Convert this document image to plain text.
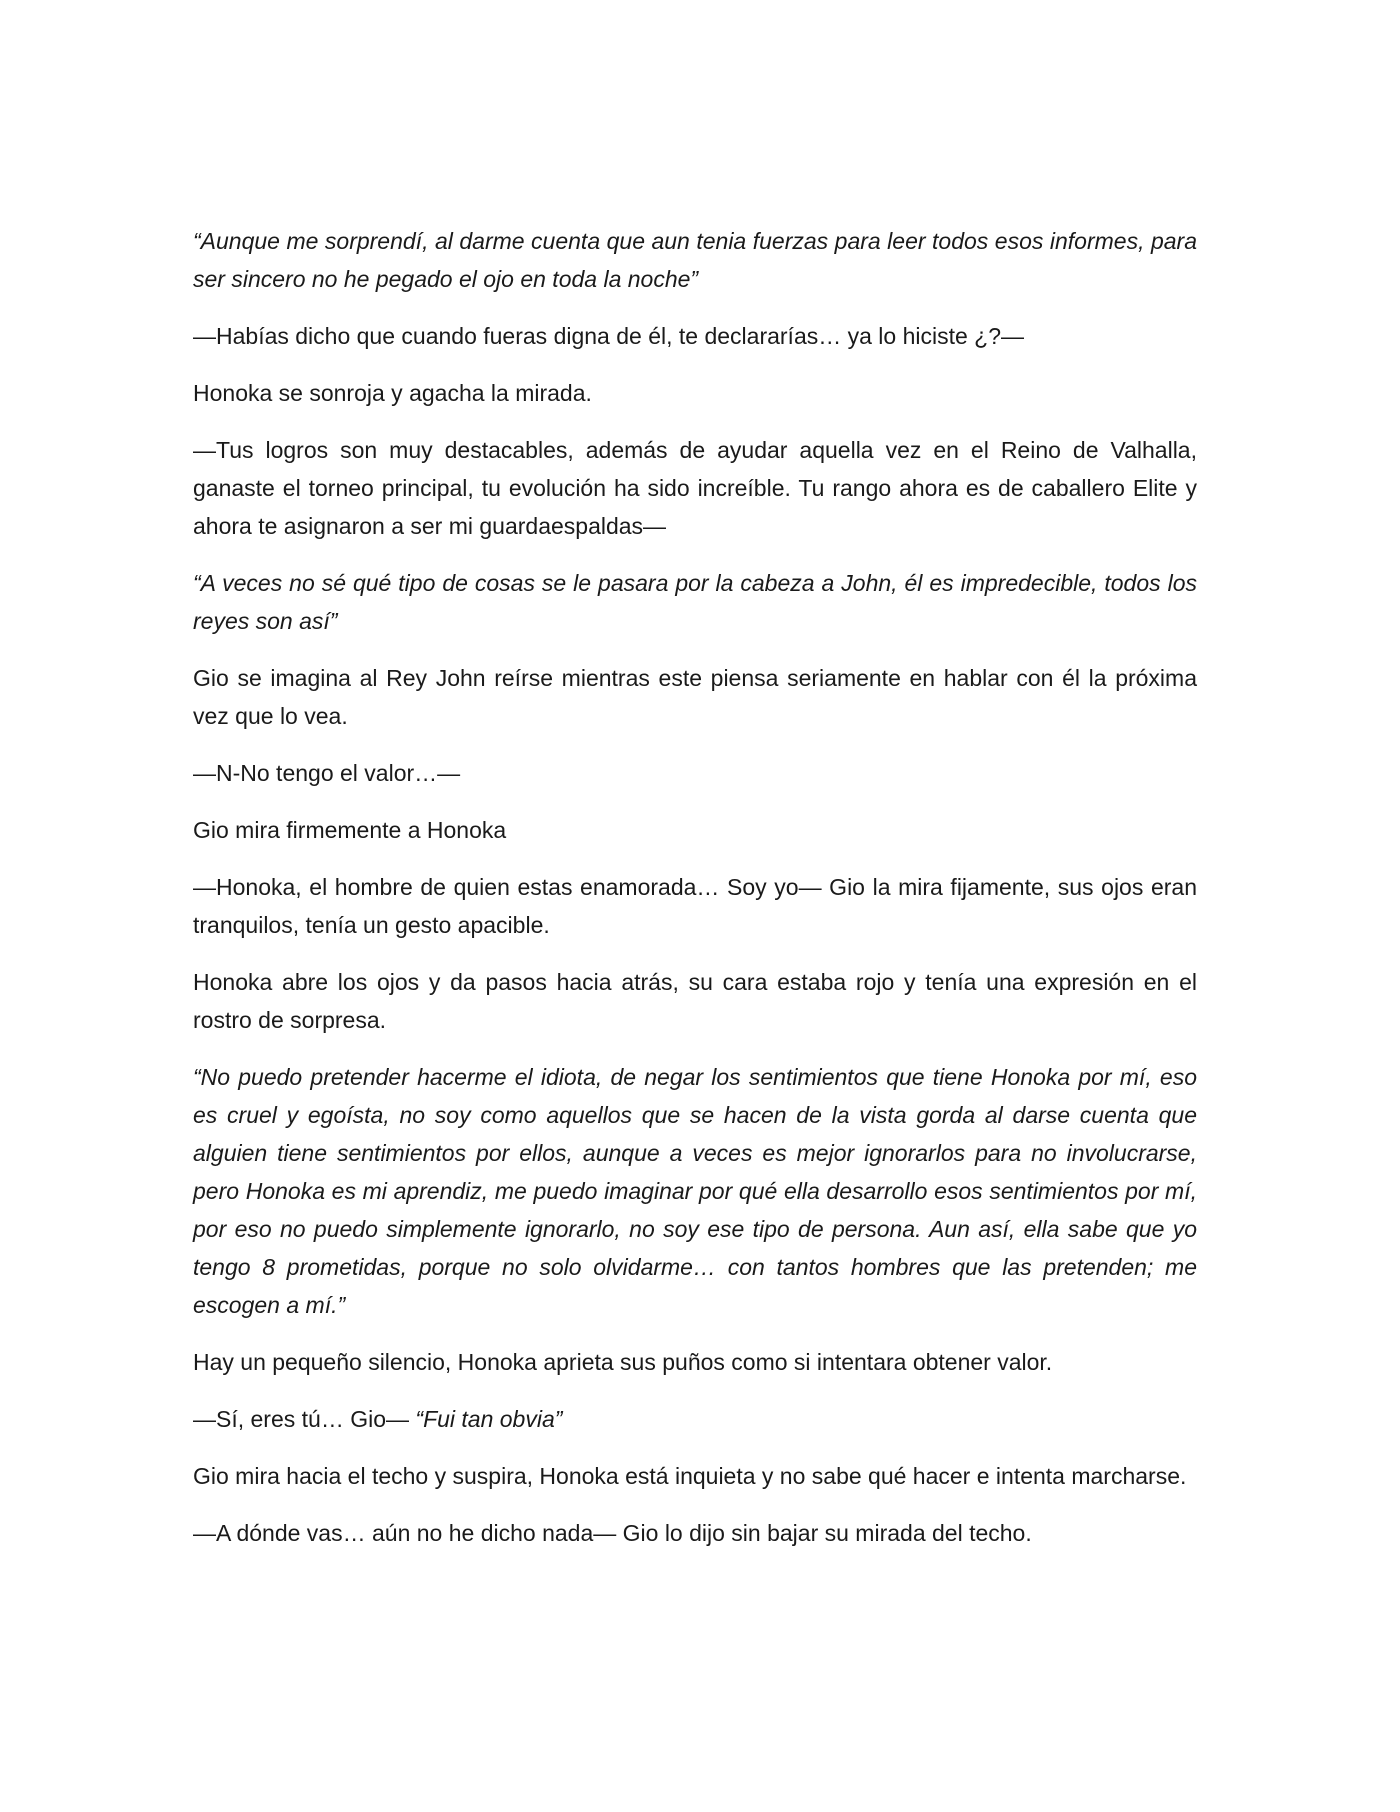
“Aunque me sorprendí, al darme cuenta que aun tenia fuerzas para leer todos esos informes, para ser sincero no he pegado el ojo en toda la noche”

—Habías dicho que cuando fueras digna de él, te declararías… ya lo hiciste ¿?—

Honoka se sonroja y agacha la mirada.

—Tus logros son muy destacables, además de ayudar aquella vez en el Reino de Valhalla, ganaste el torneo principal, tu evolución ha sido increíble. Tu rango ahora es de caballero Elite y ahora te asignaron a ser mi guardaespaldas—

“A veces no sé qué tipo de cosas se le pasara por la cabeza a John, él es impredecible, todos los reyes son así”

Gio se imagina al Rey John reírse mientras este piensa seriamente en hablar con él la próxima vez que lo vea.

—N-No tengo el valor…—

Gio mira firmemente a Honoka

—Honoka, el hombre de quien estas enamorada… Soy yo— Gio la mira fijamente, sus ojos eran tranquilos, tenía un gesto apacible.

Honoka abre los ojos y da pasos hacia atrás, su cara estaba rojo y tenía una expresión en el rostro de sorpresa.

“No puedo pretender hacerme el idiota, de negar los sentimientos que tiene Honoka por mí, eso es cruel y egoísta, no soy como aquellos que se hacen de la vista gorda al darse cuenta que alguien tiene sentimientos por ellos, aunque a veces es mejor ignorarlos para no involucrarse, pero Honoka es mi aprendiz, me puedo imaginar por qué ella desarrollo esos sentimientos por mí, por eso no puedo simplemente ignorarlo, no soy ese tipo de persona. Aun así, ella sabe que yo tengo 8 prometidas, porque no solo olvidarme… con tantos hombres que las pretenden; me escogen a mí.”

Hay un pequeño silencio, Honoka aprieta sus puños como si intentara obtener valor.

—Sí, eres tú… Gio— “Fui tan obvia”

Gio mira hacia el techo y suspira, Honoka está inquieta y no sabe qué hacer e intenta marcharse.

—A dónde vas… aún no he dicho nada— Gio lo dijo sin bajar su mirada del techo.
